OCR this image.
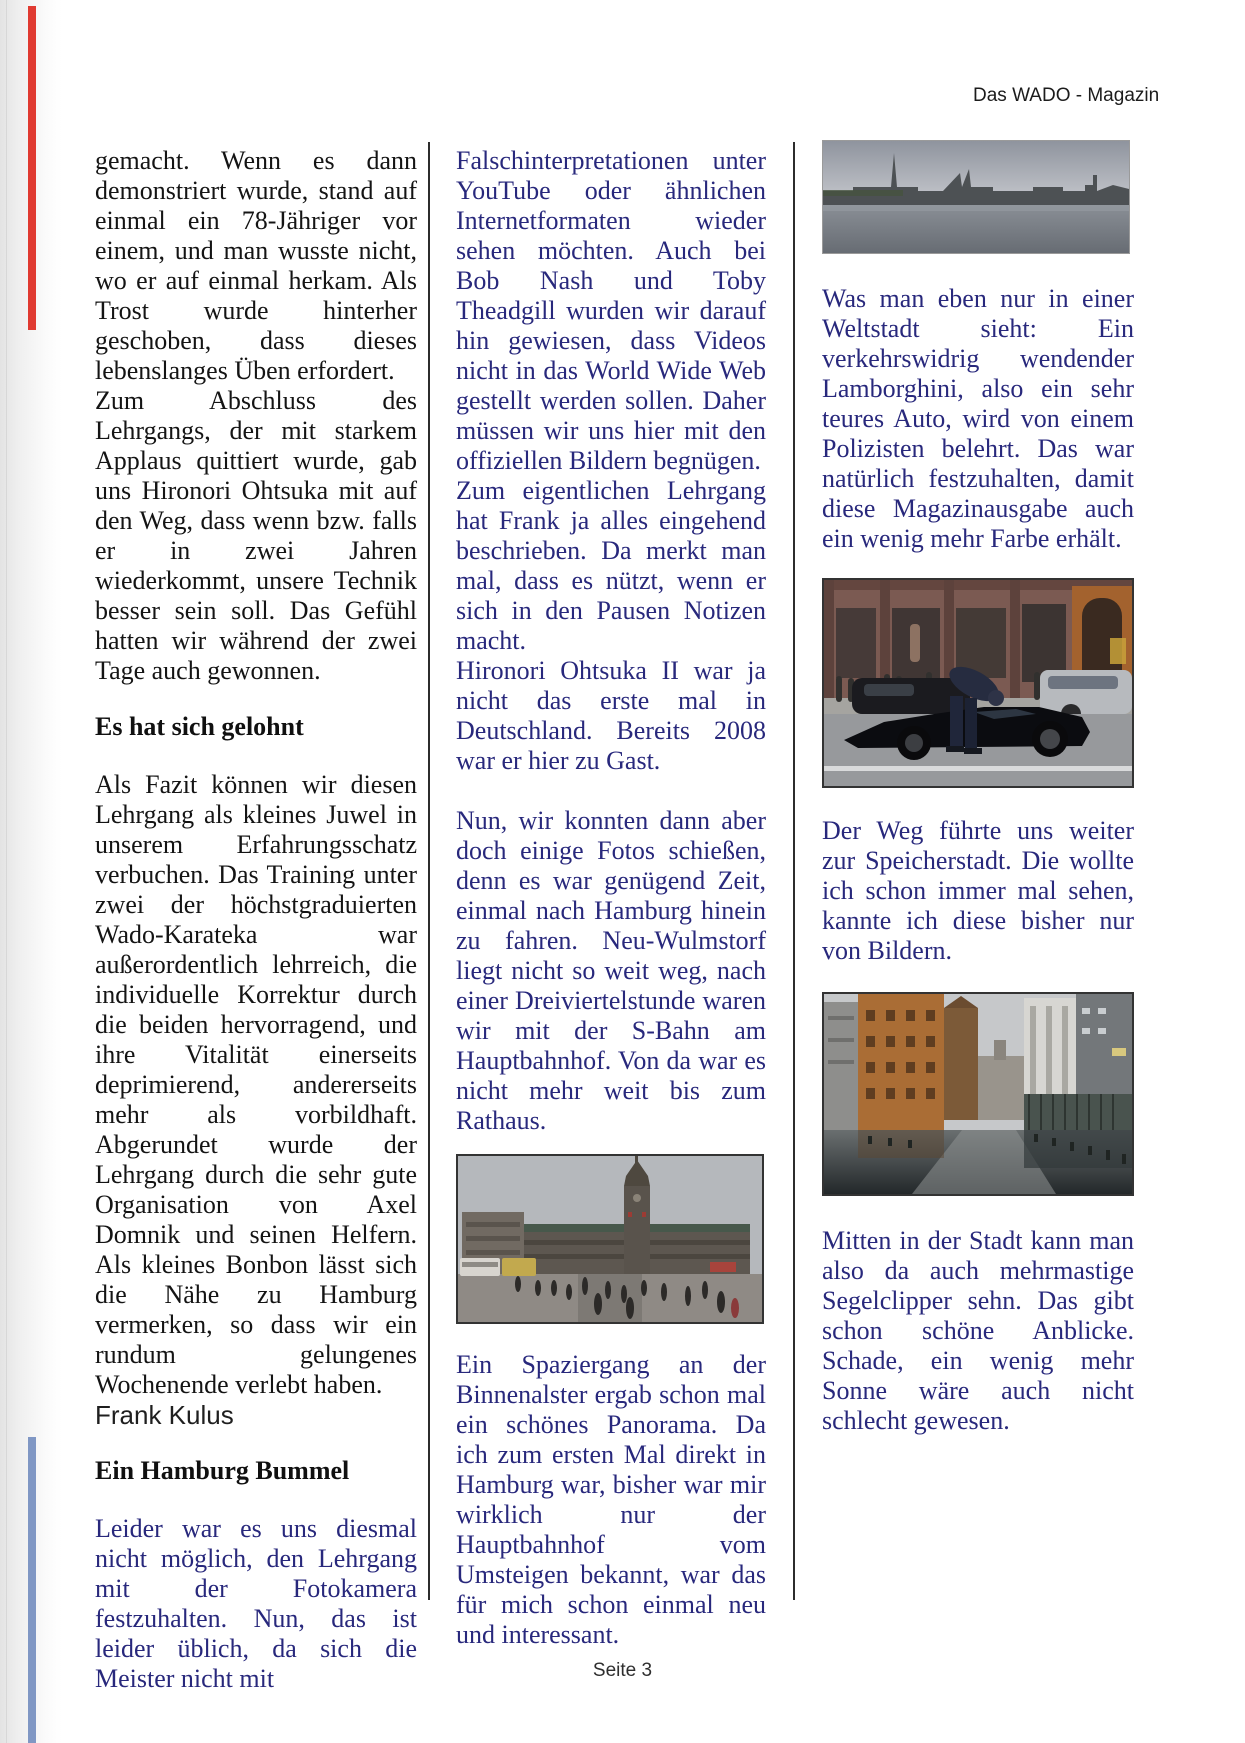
Das WADO - Magazin

gemacht. Wenn es dann demonstriert wurde, stand auf einmal ein 78-Jähriger vor einem, und man wusste nicht, wo er auf einmal herkam. Als Trost wurde hinterher geschoben, dass dieses lebenslanges Üben erfordert.

Zum Abschluss des Lehrgangs, der mit starkem Applaus quittiert wurde, gab uns Hironori Ohtsuka mit auf den Weg, dass wenn bzw. falls er in zwei Jahren wiederkommt, unsere Technik besser sein soll. Das Gefühl hatten wir während der zwei Tage auch gewonnen.

Es hat sich gelohnt

Als Fazit können wir diesen Lehrgang als kleines Juwel in unserem Erfahrungsschatz verbuchen. Das Training unter zwei der höchstgraduierten Wado-Karateka war außerordentlich lehrreich, die individuelle Korrektur durch die beiden hervorragend, und ihre Vitalität einerseits deprimierend, andererseits mehr als vorbildhaft. Abgerundet wurde der Lehrgang durch die sehr gute Organisation von Axel Domnik und seinen Helfern. Als kleines Bonbon lässt sich die Nähe zu Hamburg vermerken, so dass wir ein rundum gelungenes Wochenende verlebt haben.

Frank Kulus

Ein Hamburg Bummel

Leider war es uns diesmal nicht möglich, den Lehrgang mit der Fotokamera festzuhalten. Nun, das ist leider üblich, da sich die Meister nicht mit

Falschinterpretationen unter YouTube oder ähnlichen Internetformaten wieder sehen möchten. Auch bei Bob Nash und Toby Theadgill wurden wir darauf hin gewiesen, dass Videos nicht in das World Wide Web gestellt werden sollen. Daher müssen wir uns hier mit den offiziellen Bildern begnügen.

Zum eigentlichen Lehrgang hat Frank ja alles eingehend beschrieben. Da merkt man mal, dass es nützt, wenn er sich in den Pausen Notizen macht.

Hironori Ohtsuka II war ja nicht das erste mal in Deutschland. Bereits 2008 war er hier zu Gast.

Nun, wir konnten dann aber doch einige Fotos schießen, denn es war genügend Zeit, einmal nach Hamburg hinein zu fahren. Neu-Wulmstorf liegt nicht so weit weg, nach einer Dreiviertelstunde waren wir mit der S-Bahn am Hauptbahnhof. Von da war es nicht mehr weit bis zum Rathaus.

Ein Spaziergang an der Binnenalster ergab schon mal ein schönes Panorama. Da ich zum ersten Mal direkt in Hamburg war, bisher war mir wirklich nur der Hauptbahnhof vom Umsteigen bekannt, war das für mich schon einmal neu und interessant.

Was man eben nur in einer Weltstadt sieht: Ein verkehrswidrig wendender Lamborghini, also ein sehr teures Auto, wird von einem Polizisten belehrt. Das war natürlich festzuhalten, damit diese Magazinausgabe auch ein wenig mehr Farbe erhält.

Der Weg führte uns weiter zur Speicherstadt. Die wollte ich schon immer mal sehen, kannte ich diese bisher nur von Bildern.

Mitten in der Stadt kann man also da auch mehrmastige Segelclipper sehn. Das gibt schon schöne Anblicke. Schade, ein wenig mehr Sonne wäre auch nicht schlecht gewesen.

Seite 3
